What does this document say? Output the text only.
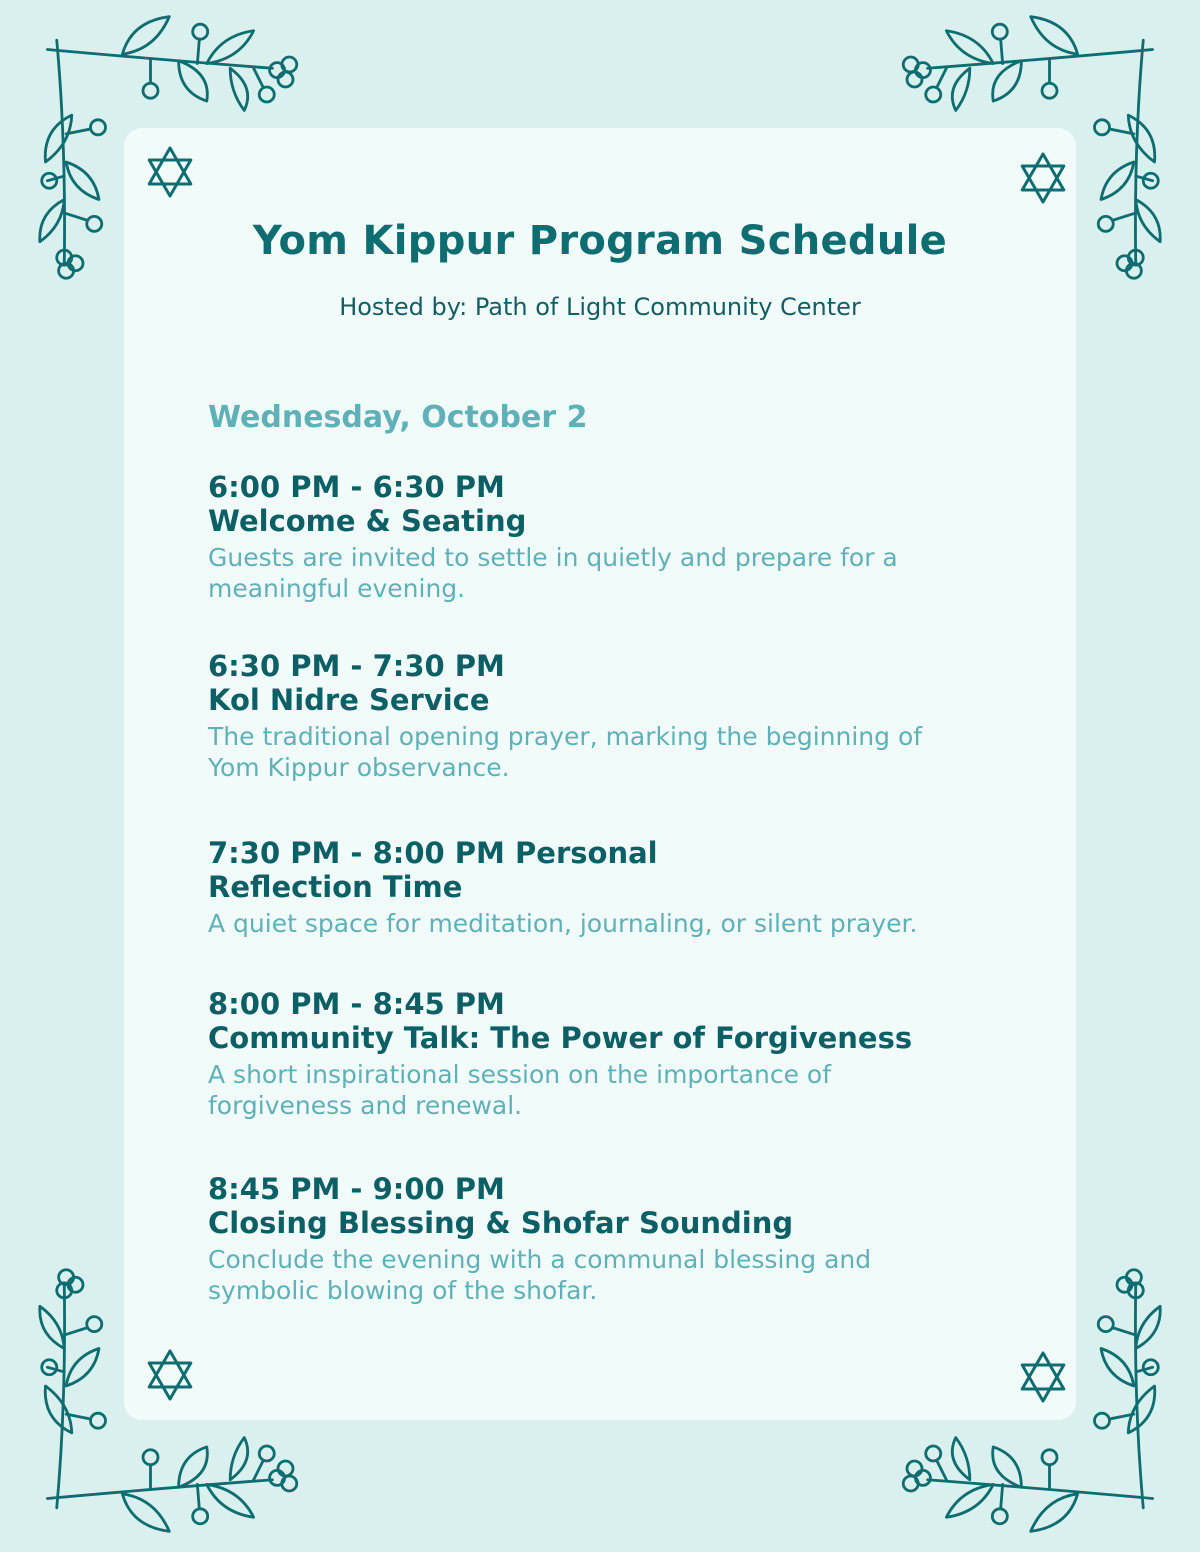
Yom Kippur Program Schedule

Hosted by: Path of Light Community Center

Wednesday, October 2

6:00 PM - 6:30 PM

Welcome & Seating

Guests are invited to settle in quietly and prepare for a meaningful evening.

6:30 PM - 7:30 PM

Kol Nidre Service

The traditional opening prayer, marking the beginning of Yom Kippur observance.

7:30 PM - 8:00 PM Personal Reflection Time

A quiet space for meditation, journaling, or silent prayer.

8:00 PM - 8:45 PM

Community Talk: The Power of Forgiveness

A short inspirational session on the importance of forgiveness and renewal.

8:45 PM - 9:00 PM

Closing Blessing & Shofar Sounding

Conclude the evening with a communal blessing and symbolic blowing of the shofar.
